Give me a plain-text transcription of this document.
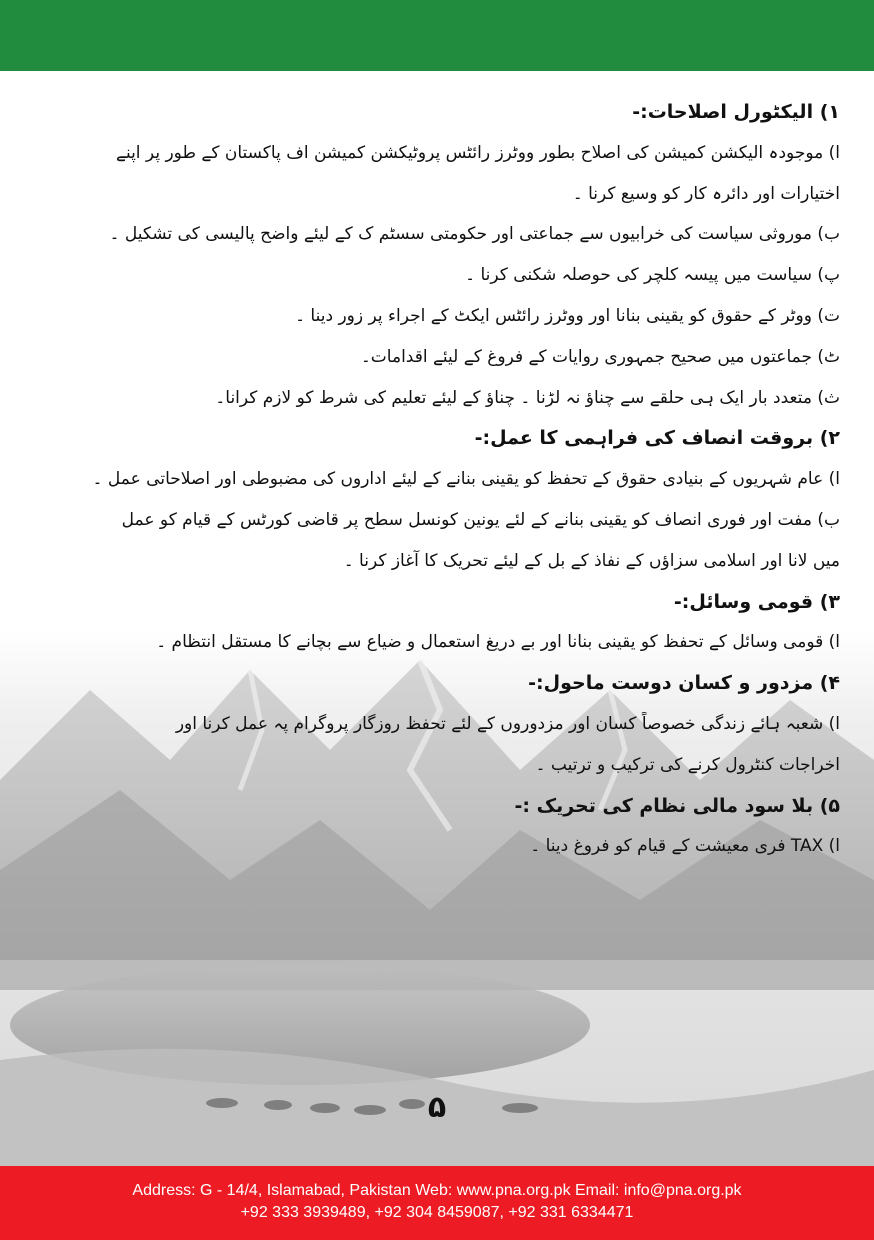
۱) الیکٹورل اصلاحات:-
ا) موجودہ الیکشن کمیشن کی اصلاح بطور ووٹرز رائٹس پروٹیکشن کمیشن اف پاکستان کے طور پر اپنے
اختیارات اور دائرہ کار کو وسیع کرنا ۔
ب) موروثی سیاست کی خرابیوں سے جماعتی اور حکومتی سسٹم ک کے لیئے واضح پالیسی کی تشکیل ۔
پ) سیاست میں پیسہ کلچر کی حوصلہ شکنی کرنا ۔
ت) ووٹر کے حقوق کو یقینی بنانا اور ووٹرز رائٹس ایکٹ کے اجراء پر زور دینا ۔
ٹ) جماعتوں میں صحیح جمہوری روایات کے فروغ کے لیئے اقدامات۔
ث) متعدد بار ایک ہی حلقے سے چناؤ نہ لڑنا ۔ چناؤ کے لیئے تعلیم کی شرط کو لازم کرانا۔
۲) بروقت انصاف کی فراہمی کا عمل:-
ا) عام شہریوں کے بنیادی حقوق کے تحفظ کو یقینی بنانے کے لیئے اداروں کی مضبوطی اور اصلاحاتی عمل ۔
ب) مفت اور فوری انصاف کو یقینی بنانے کے لئے یونین کونسل سطح پر قاضی کورٹس کے قیام کو عمل
میں لانا اور اسلامی سزاؤں کے نفاذ کے بل کے لیئے تحریک کا آغاز کرنا ۔
۳) قومی وسائل:-
ا) قومی وسائل کے تحفظ کو یقینی بنانا اور بے دریغ استعمال و ضیاع سے بچانے کا مستقل انتظام ۔
۴) مزدور و کسان دوست ماحول:-
ا) شعبہ ہائے زندگی خصوصاً کسان اور مزدوروں کے لئے تحفظ روزگار پروگرام پہ عمل کرنا اور
اخراجات کنٹرول کرنے کی ترکیب و ترتیب ۔
۵) بلا سود مالی نظام کی تحریک :-
ا) TAX فری معیشت کے قیام کو فروغ دینا ۔
۵
Address: G - 14/4, Islamabad, Pakistan Web: www.pna.org.pk Email: info@pna.org.pk
+92 333 3939489, +92 304 8459087, +92 331 6334471
